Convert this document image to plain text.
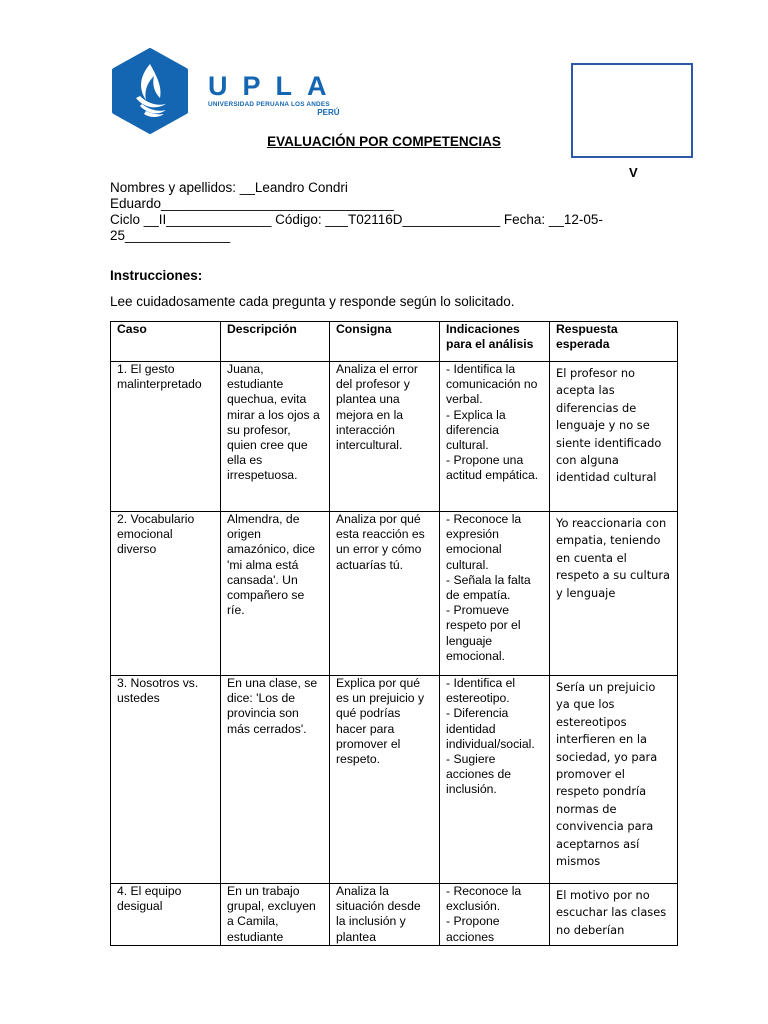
UPLA
UNIVERSIDAD PERUANA LOS ANDES
PERÚ
V
EVALUACIÓN POR COMPETENCIAS
Nombres y apellidos: __Leandro Condri
Eduardo_______________________________
Ciclo __II______________ Código: ___T02116D_____________ Fecha: __12-05-
25______________
Instrucciones:
Lee cuidadosamente cada pregunta y responde según lo solicitado.
Caso	Descripción	Consigna	Indicaciones para el análisis	Respuesta esperada
1. El gesto malinterpretado	Juana, estudiante quechua, evita mirar a los ojos a su profesor, quien cree que ella es irrespetuosa.	Analiza el error del profesor y plantea una mejora en la interacción intercultural.	- Identifica la comunicación no verbal.
- Explica la diferencia cultural.
- Propone una actitud empática.	El profesor no acepta las diferencias de lenguaje y no se siente identificado con alguna identidad cultural
2. Vocabulario emocional diverso	Almendra, de origen amazónico, dice 'mi alma está cansada'. Un compañero se ríe.	Analiza por qué esta reacción es un error y cómo actuarías tú.	- Reconoce la expresión emocional cultural.
- Señala la falta de empatía.
- Promueve respeto por el lenguaje emocional.	Yo reaccionaria con empatia, teniendo en cuenta el respeto a su cultura y lenguaje
3. Nosotros vs. ustedes	En una clase, se dice: 'Los de provincia son más cerrados'.	Explica por qué es un prejuicio y qué podrías hacer para promover el respeto.	- Identifica el estereotipo.
- Diferencia identidad individual/social.
- Sugiere acciones de inclusión.	Sería un prejuicio ya que los estereotipos interfieren en la sociedad, yo para promover el respeto pondría normas de convivencia para aceptarnos así mismos
4. El equipo desigual	En un trabajo grupal, excluyen a Camila, estudiante	Analiza la situación desde la inclusión y plantea	- Reconoce la exclusión.
- Propone acciones	El motivo por no escuchar las clases no deberían
